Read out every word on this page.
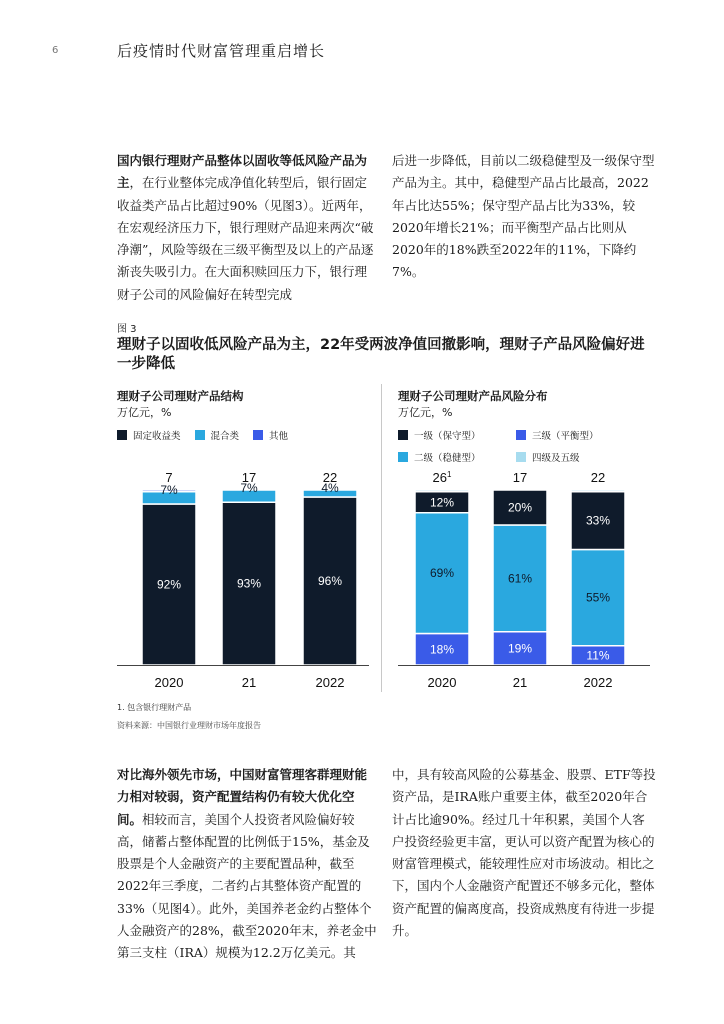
6	后疫情时代财富管理重启增长
国内银行理财产品整体以固收等低风险产品为主，在行业整体完成净值化转型后，银行固定收益类产品占比超过90%（见图3）。近两年，在宏观经济压力下，银行理财产品迎来两次“破净潮”，风险等级在三级平衡型及以上的产品逐渐丧失吸引力。在大面积赎回压力下，银行理财子公司的风险偏好在转型完成
后进一步降低，目前以二级稳健型及一级保守型产品为主。其中，稳健型产品占比最高，2022年占比达55%；保守型产品占比为33%，较2020年增长21%；而平衡型产品占比则从2020年的18%跌至2022年的11%，下降约7%。
图 3
理财子以固收低风险产品为主，22年受两波净值回撤影响，理财子产品风险偏好进一步降低
理财子公司理财产品结构
万亿元，%
固定收益类	混合类	其他
理财子公司理财产品风险分布
万亿元，%
一级（保守型）	三级（平衡型）
二级（稳健型）	四级及五级
92%
7%
7
2020
93%
7%
17
21
96%
4%
22
2022
18%
69%
12%
$26^1$
2020
19%
61%
20%
17
21
11%
55%
33%
22
2022
1. 包含银行理财产品
资料来源：中国银行业理财市场年度报告
对比海外领先市场，中国财富管理客群理财能力相对较弱，资产配置结构仍有较大优化空间。相较而言，美国个人投资者风险偏好较高，储蓄占整体配置的比例低于15%，基金及股票是个人金融资产的主要配置品种，截至2022年三季度，二者约占其整体资产配置的33%（见图4）。此外，美国养老金约占整体个人金融资产的28%，截至2020年末，养老金中第三支柱（IRA）规模为12.2万亿美元。其
中，具有较高风险的公募基金、股票、ETF等投资产品，是IRA账户重要主体，截至2020年合计占比逾90%。经过几十年积累，美国个人客户投资经验更丰富，更认可以资产配置为核心的财富管理模式，能较理性应对市场波动。相比之下，国内个人金融资产配置还不够多元化，整体资产配置的偏离度高，投资成熟度有待进一步提升。
